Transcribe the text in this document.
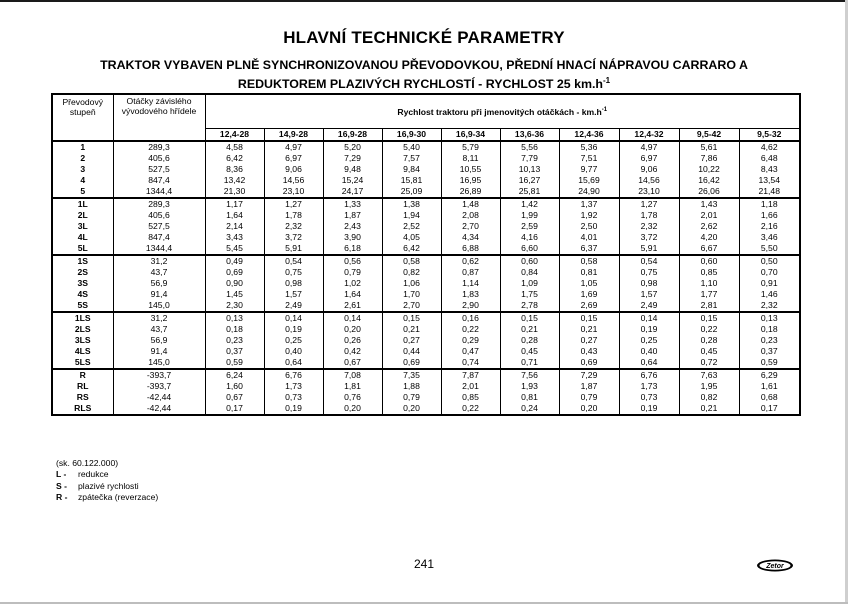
HLAVNÍ TECHNICKÉ PARAMETRY
TRAKTOR VYBAVEN PLNĚ SYNCHRONIZOVANOU PŘEVODOVKOU, PŘEDNÍ HNACÍ NÁPRAVOU CARRARO A
REDUKTOREM PLAZIVÝCH RYCHLOSTÍ - RYCHLOST 25 $km.h^{-1}$
Převodový stupeň	Otáčky závislého vývodového hřídele	Rychlost traktoru při jmenovitých otáčkách - $km.h^{-1}$
		12,4-28	14,9-28	16,9-28	16,9-30	16,9-34	13,6-36	12,4-36	12,4-32	9,5-42	9,5-32
1	289,3	4,58	4,97	5,20	5,40	5,79	5,56	5,36	4,97	5,61	4,62
2	405,6	6,42	6,97	7,29	7,57	8,11	7,79	7,51	6,97	7,86	6,48
3	527,5	8,36	9,06	9,48	9,84	10,55	10,13	9,77	9,06	10,22	8,43
4	847,4	13,42	14,56	15,24	15,81	16,95	16,27	15,69	14,56	16,42	13,54
5	1344,4	21,30	23,10	24,17	25,09	26,89	25,81	24,90	23,10	26,06	21,48
1L	289,3	1,17	1,27	1,33	1,38	1,48	1,42	1,37	1,27	1,43	1,18
2L	405,6	1,64	1,78	1,87	1,94	2,08	1,99	1,92	1,78	2,01	1,66
3L	527,5	2,14	2,32	2,43	2,52	2,70	2,59	2,50	2,32	2,62	2,16
4L	847,4	3,43	3,72	3,90	4,05	4,34	4,16	4,01	3,72	4,20	3,46
5L	1344,4	5,45	5,91	6,18	6,42	6,88	6,60	6,37	5,91	6,67	5,50
1S	31,2	0,49	0,54	0,56	0,58	0,62	0,60	0,58	0,54	0,60	0,50
2S	43,7	0,69	0,75	0,79	0,82	0,87	0,84	0,81	0,75	0,85	0,70
3S	56,9	0,90	0,98	1,02	1,06	1,14	1,09	1,05	0,98	1,10	0,91
4S	91,4	1,45	1,57	1,64	1,70	1,83	1,75	1,69	1,57	1,77	1,46
5S	145,0	2,30	2,49	2,61	2,70	2,90	2,78	2,69	2,49	2,81	2,32
1LS	31,2	0,13	0,14	0,14	0,15	0,16	0,15	0,15	0,14	0,15	0,13
2LS	43,7	0,18	0,19	0,20	0,21	0,22	0,21	0,21	0,19	0,22	0,18
3LS	56,9	0,23	0,25	0,26	0,27	0,29	0,28	0,27	0,25	0,28	0,23
4LS	91,4	0,37	0,40	0,42	0,44	0,47	0,45	0,43	0,40	0,45	0,37
5LS	145,0	0,59	0,64	0,67	0,69	0,74	0,71	0,69	0,64	0,72	0,59
R	-393,7	6,24	6,76	7,08	7,35	7,87	7,56	7,29	6,76	7,63	6,29
RL	-393,7	1,60	1,73	1,81	1,88	2,01	1,93	1,87	1,73	1,95	1,61
RS	-42,44	0,67	0,73	0,76	0,79	0,85	0,81	0,79	0,73	0,82	0,68
RLS	-42,44	0,17	0,19	0,20	0,20	0,22	0,24	0,20	0,19	0,21	0,17
(sk. 60.122.000)
L -	redukce
S -	plazivé rychlosti
R -	zpátečka (reverzace)
241	Zetor
